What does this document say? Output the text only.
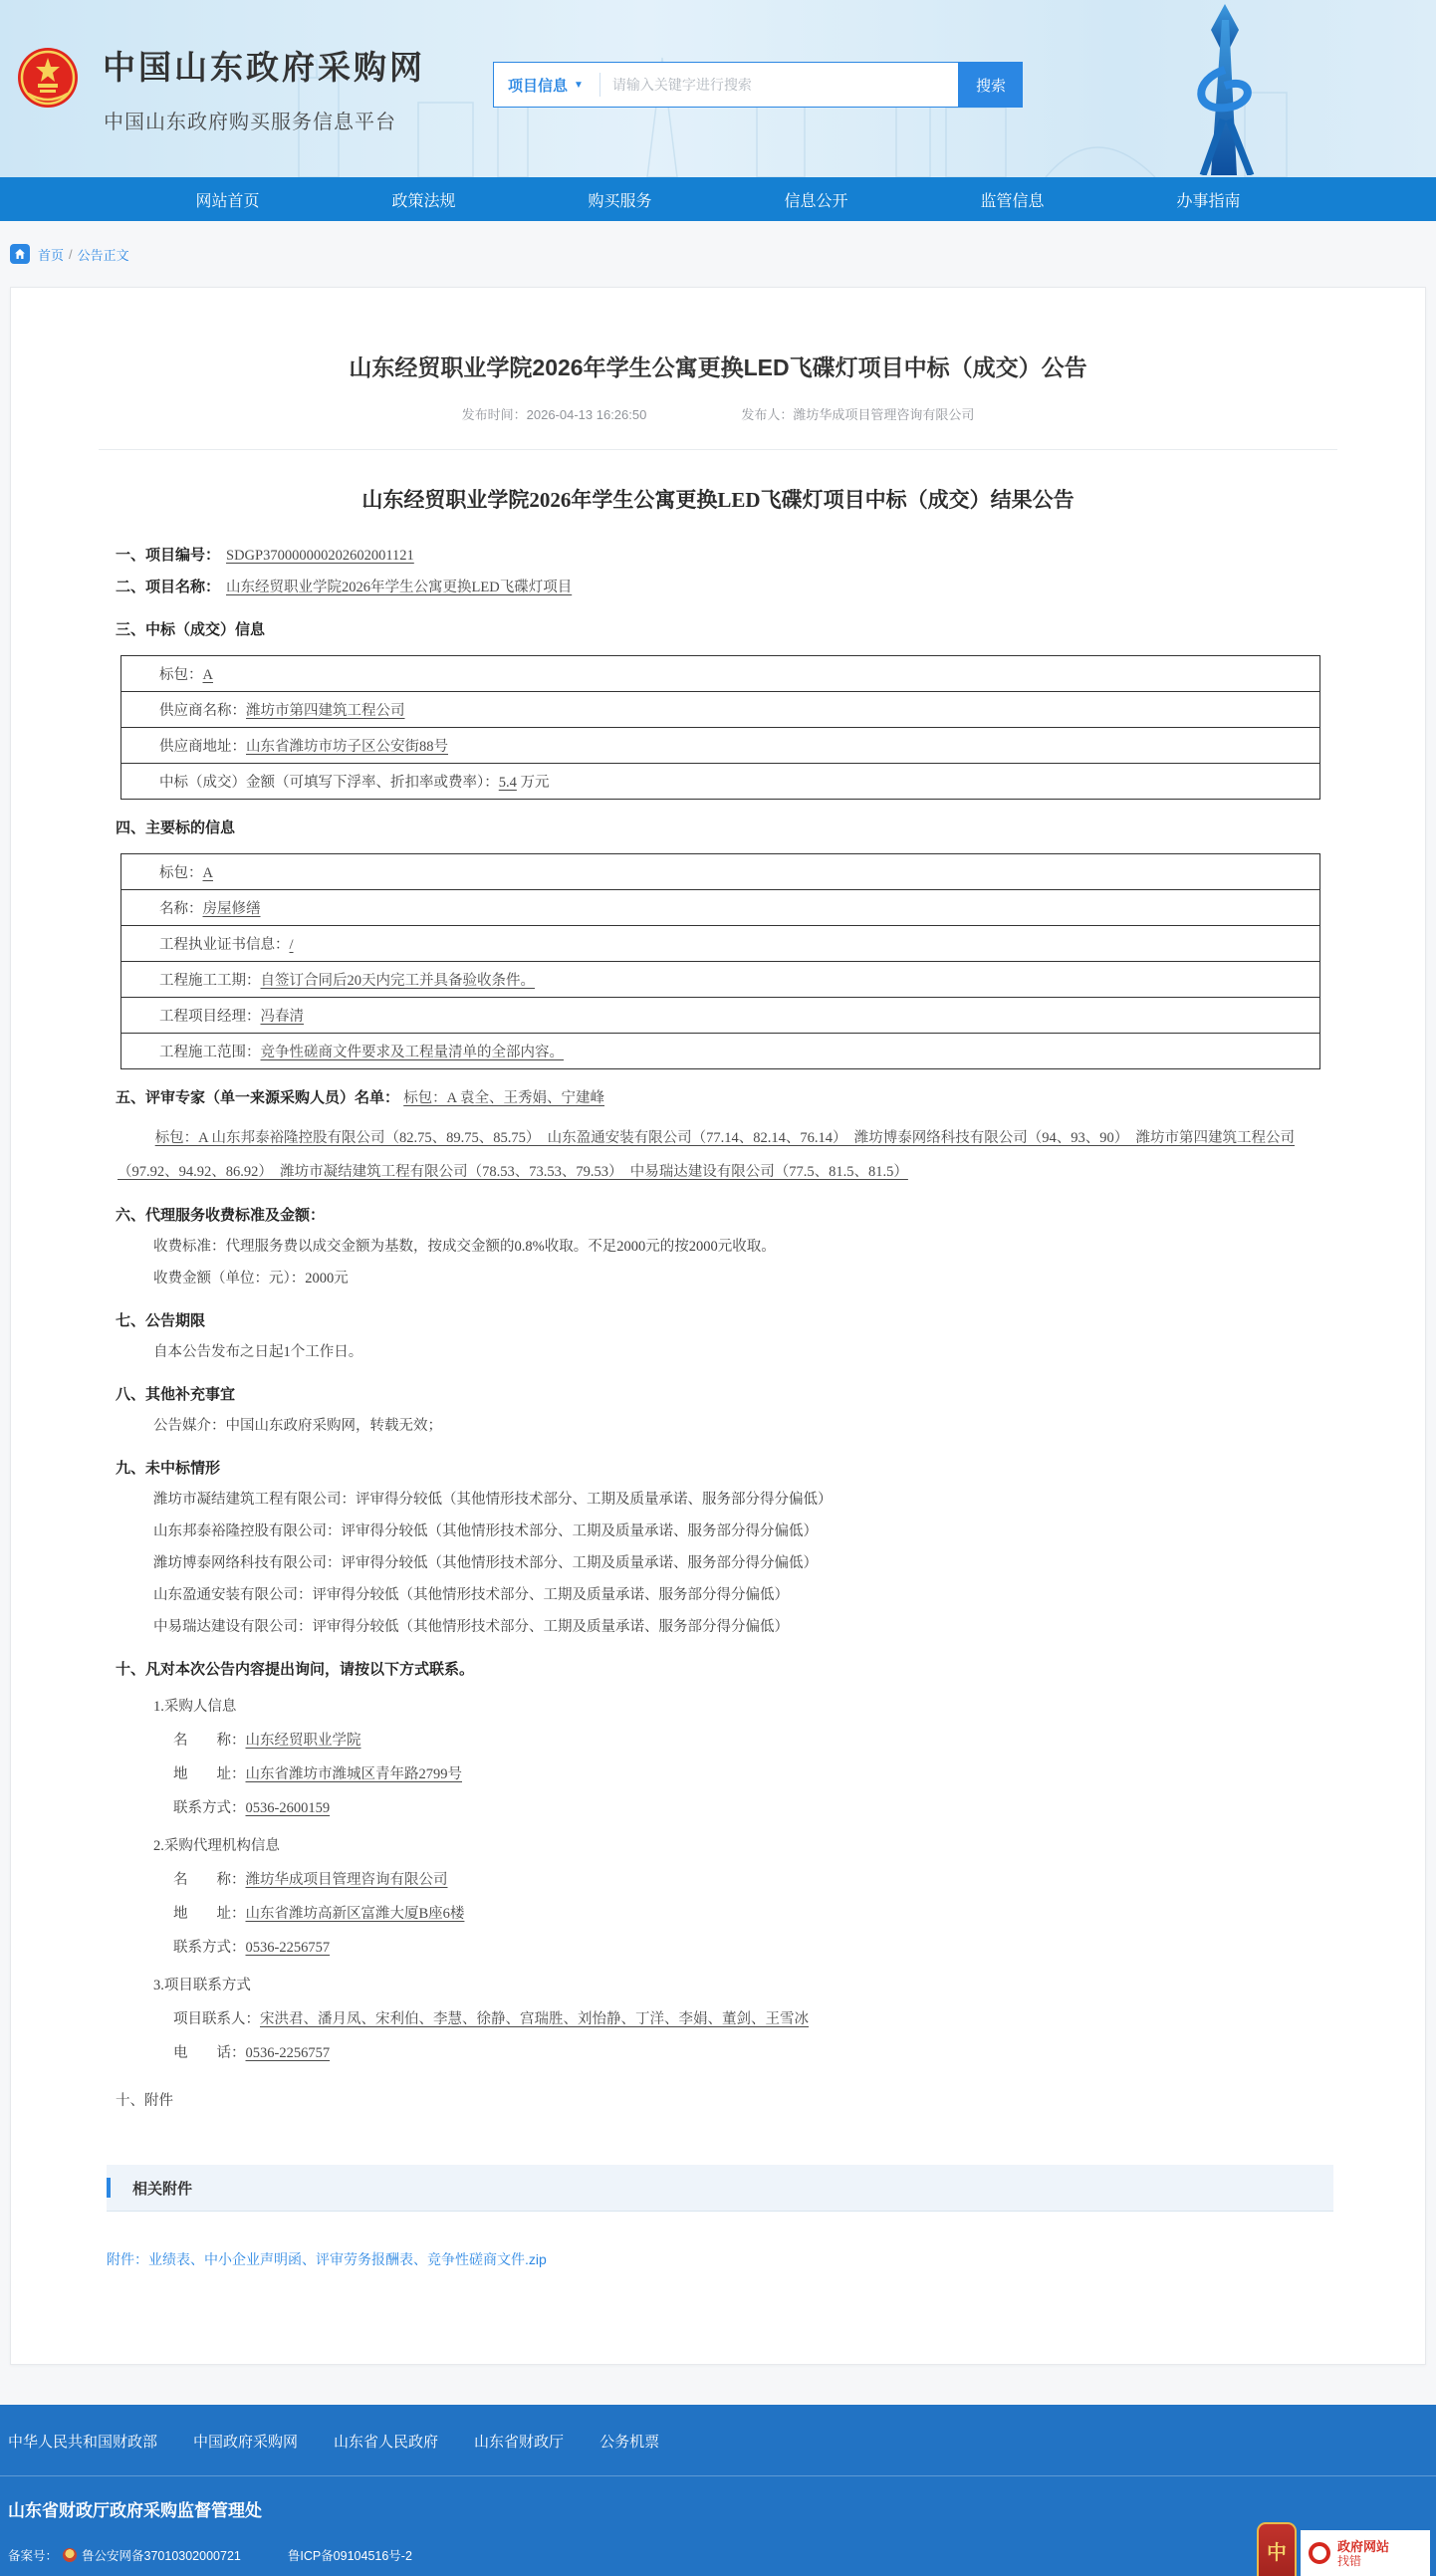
中国山东政府采购网
中国山东政府购买服务信息平台
项目信息 ▼
请输入关键字进行搜索	搜索
网站首页	政策法规	购买服务	信息公开	监管信息	办事指南
首页 / 公告正文
山东经贸职业学院2026年学生公寓更换LED飞碟灯项目中标（成交）公告
发布时间：2026-04-13 16:26:50	发布人：潍坊华成项目管理咨询有限公司
山东经贸职业学院2026年学生公寓更换LED飞碟灯项目中标（成交）结果公告
一、项目编号： SDGP370000000202602001121
二、项目名称： 山东经贸职业学院2026年学生公寓更换LED飞碟灯项目
三、中标（成交）信息
标包：A
供应商名称：潍坊市第四建筑工程公司
供应商地址：山东省潍坊市坊子区公安街88号
中标（成交）金额（可填写下浮率、折扣率或费率）：5.4 万元
四、主要标的信息
标包：A
名称：房屋修缮
工程执业证书信息：/
工程施工工期：自签订合同后20天内完工并具备验收条件。
工程项目经理：冯春清
工程施工范围：竞争性磋商文件要求及工程量清单的全部内容。
五、评审专家（单一来源采购人员）名单： 标包：A 袁全、王秀娟、宁建峰
标包：A 山东邦泰裕隆控股有限公司（82.75、89.75、85.75）　山东盈通安装有限公司（77.14、82.14、76.14）　潍坊博泰网络科技有限公司（94、93、90）　潍坊市第四建筑工程公司（97.92、94.92、86.92）　潍坊市凝结建筑工程有限公司（78.53、73.53、79.53）　中易瑞达建设有限公司（77.5、81.5、81.5）
六、代理服务收费标准及金额：
收费标准：代理服务费以成交金额为基数，按成交金额的0.8%收取。不足2000元的按2000元收取。
收费金额（单位：元）：2000元
七、公告期限
自本公告发布之日起1个工作日。
八、其他补充事宜
公告媒介：中国山东政府采购网，转载无效；
九、未中标情形
潍坊市凝结建筑工程有限公司：评审得分较低（其他情形技术部分、工期及质量承诺、服务部分得分偏低）
山东邦泰裕隆控股有限公司：评审得分较低（其他情形技术部分、工期及质量承诺、服务部分得分偏低）
潍坊博泰网络科技有限公司：评审得分较低（其他情形技术部分、工期及质量承诺、服务部分得分偏低）
山东盈通安装有限公司：评审得分较低（其他情形技术部分、工期及质量承诺、服务部分得分偏低）
中易瑞达建设有限公司：评审得分较低（其他情形技术部分、工期及质量承诺、服务部分得分偏低）
十、凡对本次公告内容提出询问，请按以下方式联系。
1.采购人信息
名　　称：山东经贸职业学院
地　　址：山东省潍坊市潍城区青年路2799号
联系方式：0536-2600159
2.采购代理机构信息
名　　称：潍坊华成项目管理咨询有限公司
地　　址：山东省潍坊高新区富潍大厦B座6楼
联系方式：0536-2256757
3.项目联系方式
项目联系人：宋洪君、潘月凤、宋利伯、李慧、徐静、宫瑞胜、刘怡静、丁洋、李娟、董剑、王雪冰
电　　话：0536-2256757
十、附件
相关附件
附件：业绩表、中小企业声明函、评审劳务报酬表、竞争性磋商文件.zip
中华人民共和国财政部 中国政府采购网 山东省人民政府 山东省财政厅 公务机票
山东省财政厅政府采购监督管理处
备案号： 鲁公安网备37010302000721	鲁ICP备09104516号-2	中	政府网站
找错
